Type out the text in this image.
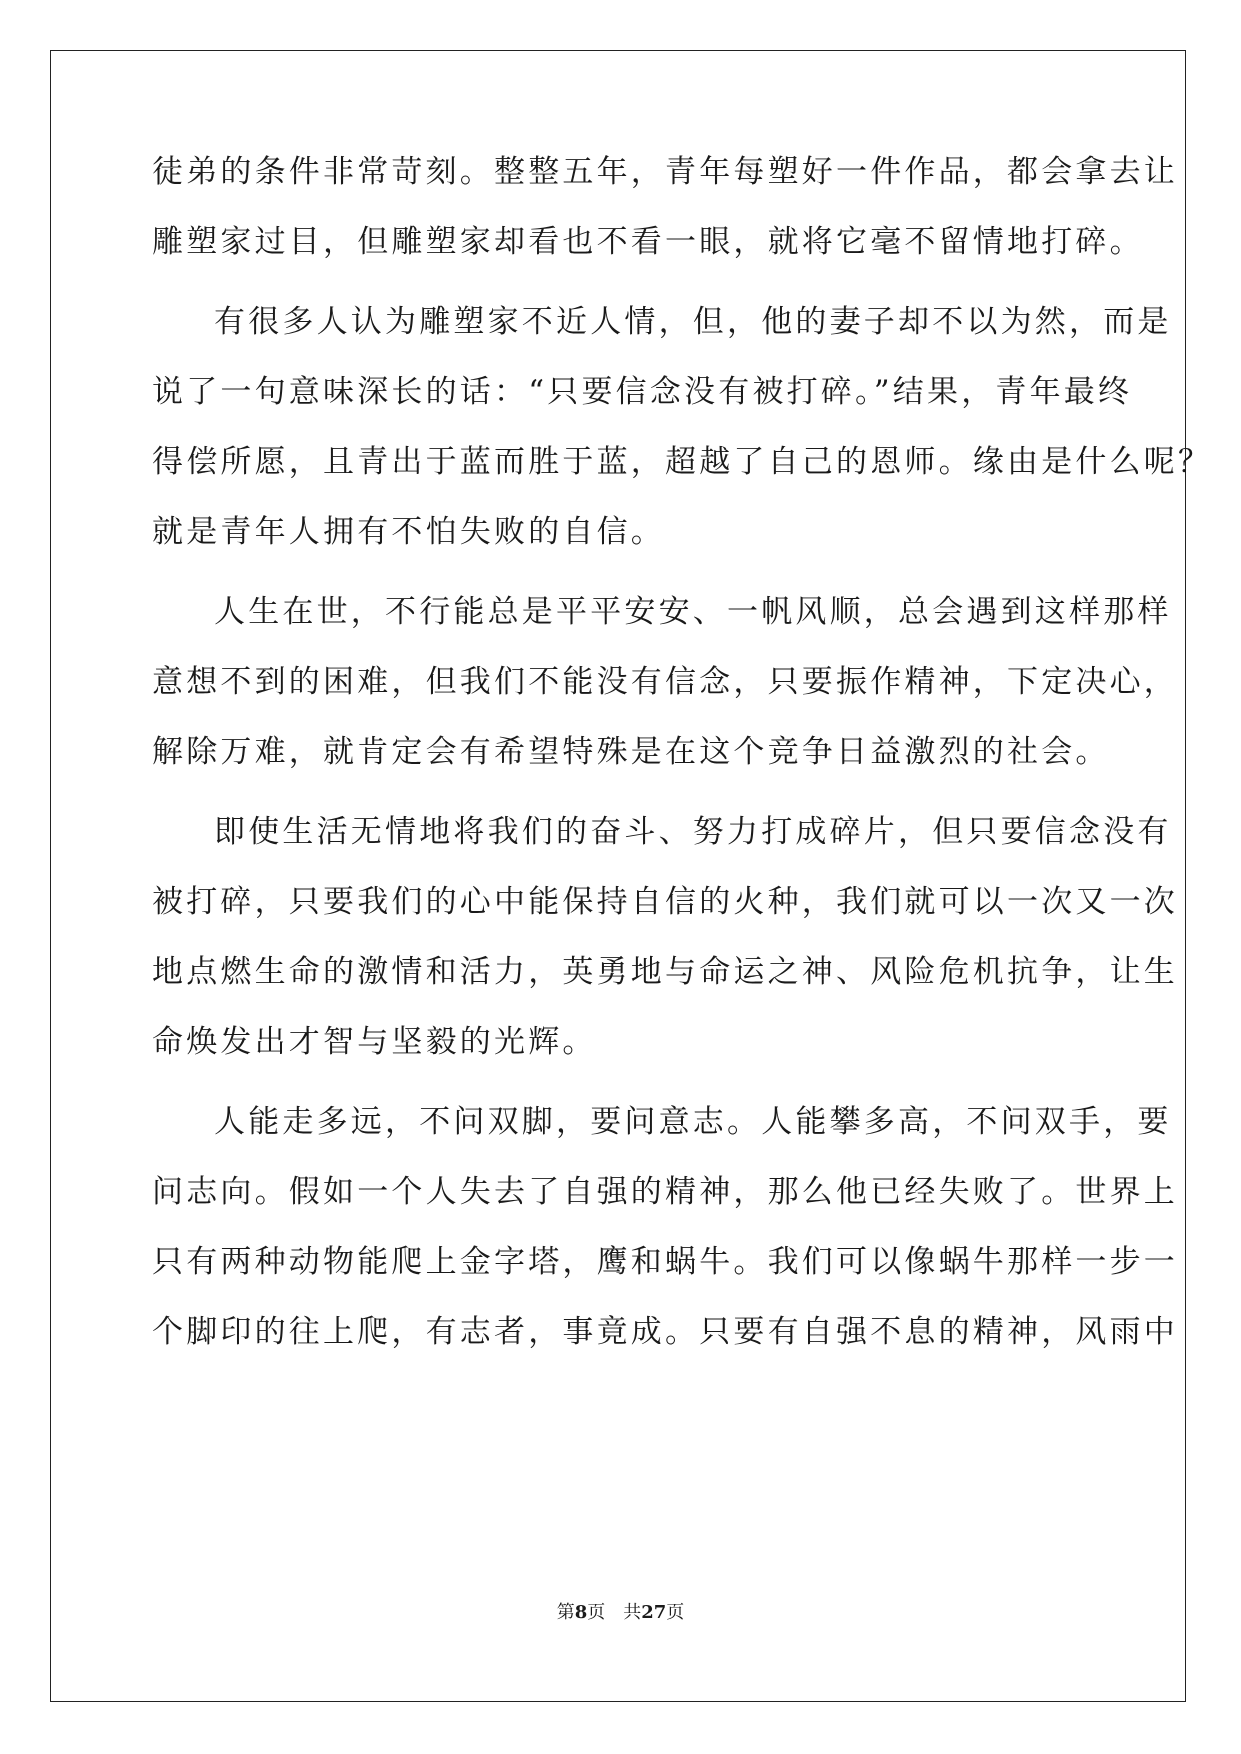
徒弟的条件非常苛刻。整整五年，青年每塑好一件作品，都会拿去让

雕塑家过目，但雕塑家却看也不看一眼，就将它毫不留情地打碎。

有很多人认为雕塑家不近人情，但，他的妻子却不以为然，而是

说了一句意味深长的话：“只要信念没有被打碎。”结果，青年最终

得偿所愿，且青出于蓝而胜于蓝，超越了自己的恩师。缘由是什么呢？

就是青年人拥有不怕失败的自信。

人生在世，不行能总是平平安安、一帆风顺，总会遇到这样那样

意想不到的困难，但我们不能没有信念，只要振作精神，下定决心，

解除万难，就肯定会有希望特殊是在这个竞争日益激烈的社会。

即使生活无情地将我们的奋斗、努力打成碎片，但只要信念没有

被打碎，只要我们的心中能保持自信的火种，我们就可以一次又一次

地点燃生命的激情和活力，英勇地与命运之神、风险危机抗争，让生

命焕发出才智与坚毅的光辉。

人能走多远，不问双脚，要问意志。人能攀多高，不问双手，要

问志向。假如一个人失去了自强的精神，那么他已经失败了。世界上

只有两种动物能爬上金字塔，鹰和蜗牛。我们可以像蜗牛那样一步一

个脚印的往上爬，有志者，事竟成。只要有自强不息的精神，风雨中

第8页 共27页
